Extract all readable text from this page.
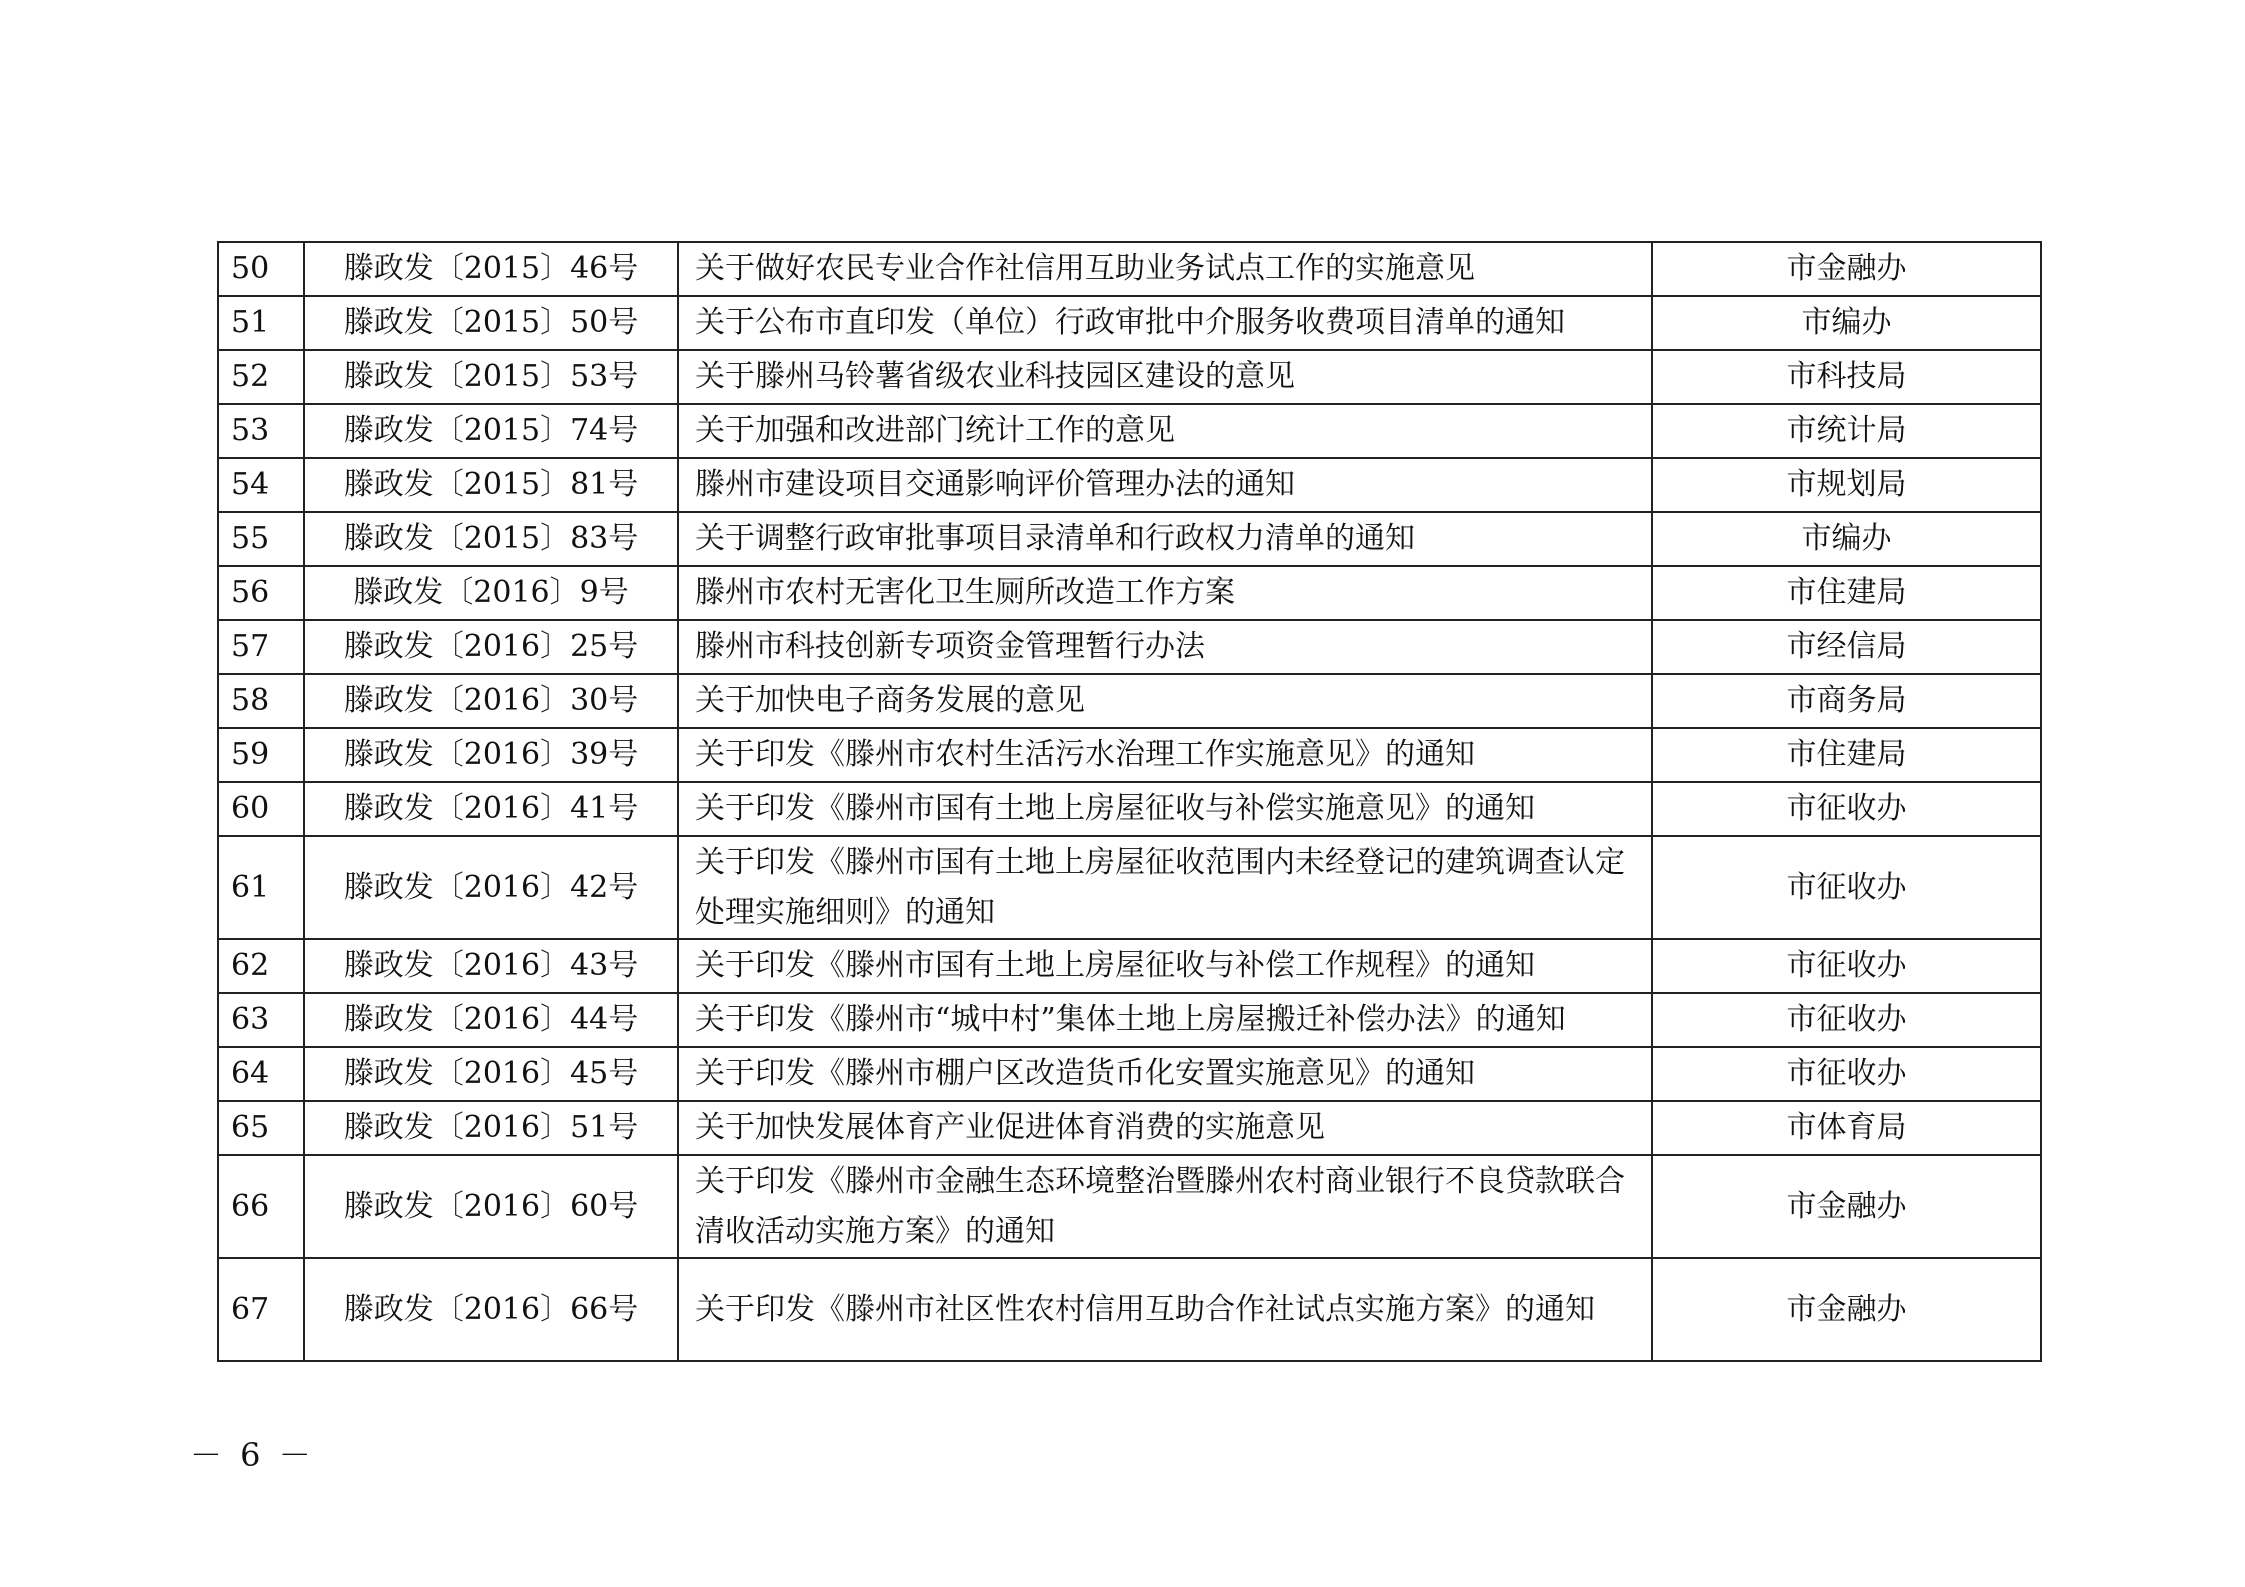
50	滕政发〔2015〕46号	关于做好农民专业合作社信用互助业务试点工作的实施意见	市金融办
51	滕政发〔2015〕50号	关于公布市直印发（单位）行政审批中介服务收费项目清单的通知	市编办
52	滕政发〔2015〕53号	关于滕州马铃薯省级农业科技园区建设的意见	市科技局
53	滕政发〔2015〕74号	关于加强和改进部门统计工作的意见	市统计局
54	滕政发〔2015〕81号	滕州市建设项目交通影响评价管理办法的通知	市规划局
55	滕政发〔2015〕83号	关于调整行政审批事项目录清单和行政权力清单的通知	市编办
56	滕政发〔2016〕9号	滕州市农村无害化卫生厕所改造工作方案	市住建局
57	滕政发〔2016〕25号	滕州市科技创新专项资金管理暂行办法	市经信局
58	滕政发〔2016〕30号	关于加快电子商务发展的意见	市商务局
59	滕政发〔2016〕39号	关于印发《滕州市农村生活污水治理工作实施意见》的通知	市住建局
60	滕政发〔2016〕41号	关于印发《滕州市国有土地上房屋征收与补偿实施意见》的通知	市征收办
61	滕政发〔2016〕42号	关于印发《滕州市国有土地上房屋征收范围内未经登记的建筑调查认定处理实施细则》的通知	市征收办
62	滕政发〔2016〕43号	关于印发《滕州市国有土地上房屋征收与补偿工作规程》的通知	市征收办
63	滕政发〔2016〕44号	关于印发《滕州市“城中村”集体土地上房屋搬迁补偿办法》的通知	市征收办
64	滕政发〔2016〕45号	关于印发《滕州市棚户区改造货币化安置实施意见》的通知	市征收办
65	滕政发〔2016〕51号	关于加快发展体育产业促进体育消费的实施意见	市体育局
66	滕政发〔2016〕60号	关于印发《滕州市金融生态环境整治暨滕州农村商业银行不良贷款联合清收活动实施方案》的通知	市金融办
67	滕政发〔2016〕66号	关于印发《滕州市社区性农村信用互助合作社试点实施方案》的通知	市金融办
－ 6 －
